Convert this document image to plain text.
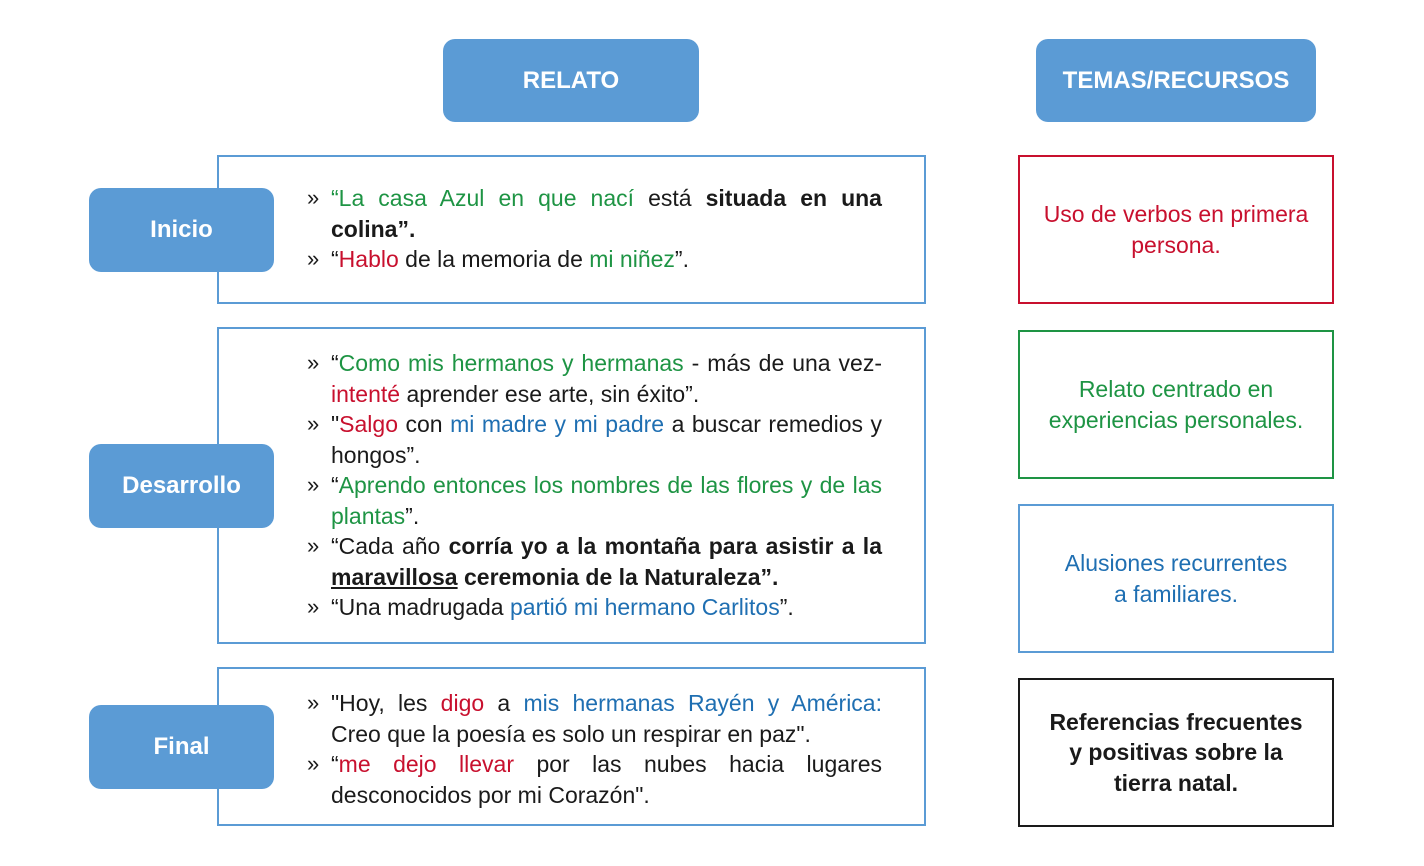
RELATO	TEMAS/RECURSOS
» “La casa Azul en que nací está situada en una colina”.
» “Hablo de la memoria de mi niñez”.
Inicio
» “Como mis hermanos y hermanas - más de una vez- intenté aprender ese arte, sin éxito”.
» "Salgo con mi madre y mi padre a buscar remedios y hongos”.
» “Aprendo entonces los nombres de las flores y de las plantas”.
» “Cada año corría yo a la montaña para asistir a la maravillosa ceremonia de la Naturaleza”.
» “Una madrugada partió mi hermano Carlitos”.
Desarrollo
» "Hoy, les digo a mis hermanas Rayén y América: Creo que la poesía es solo un respirar en paz".
» “me dejo llevar por las nubes hacia lugares desconocidos por mi Corazón".
Final
Uso de verbos en primera persona.
Relato centrado en experiencias personales.
Alusiones recurrentes a familiares.
Referencias frecuentes y positivas sobre la tierra natal.
